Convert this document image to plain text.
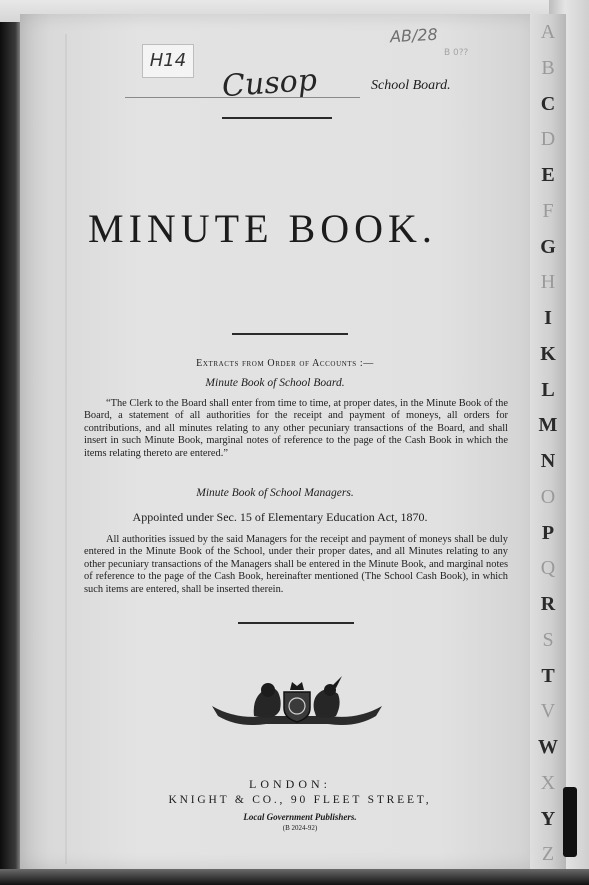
A
B
C
D
E
F
G
H
I
K
L
M
N
O
P
Q
R
S
T
V
W
X
Y
Z
H14
AB/28
B 0??
Cusop	School Board.
MINUTE BOOK.
Extracts from Order of Accounts :—
Minute Book of School Board.
“The Clerk to the Board shall enter from time to time, at proper dates, in the Minute Book of the Board, a statement of all authorities for the receipt and payment of moneys, all orders for contributions, and all minutes relating to any other pecuniary transactions of the Board, and shall insert in such Minute Book, marginal notes of reference to the page of the Cash Book in which the items relating thereto are entered.”
Minute Book of School Managers.
Appointed under Sec. 15 of Elementary Education Act, 1870.
All authorities issued by the said Managers for the receipt and payment of moneys shall be duly entered in the Minute Book of the School, under their proper dates, and all Minutes relating to any other pecuniary transactions of the Managers shall be entered in the Minute Book, and marginal notes of reference to the page of the Cash Book, hereinafter mentioned (The School Cash Book), in which such items are entered, shall be inserted therein.
LONDON:
KNIGHT & CO., 90 FLEET STREET,
Local Government Publishers.
(B 2024-92)
